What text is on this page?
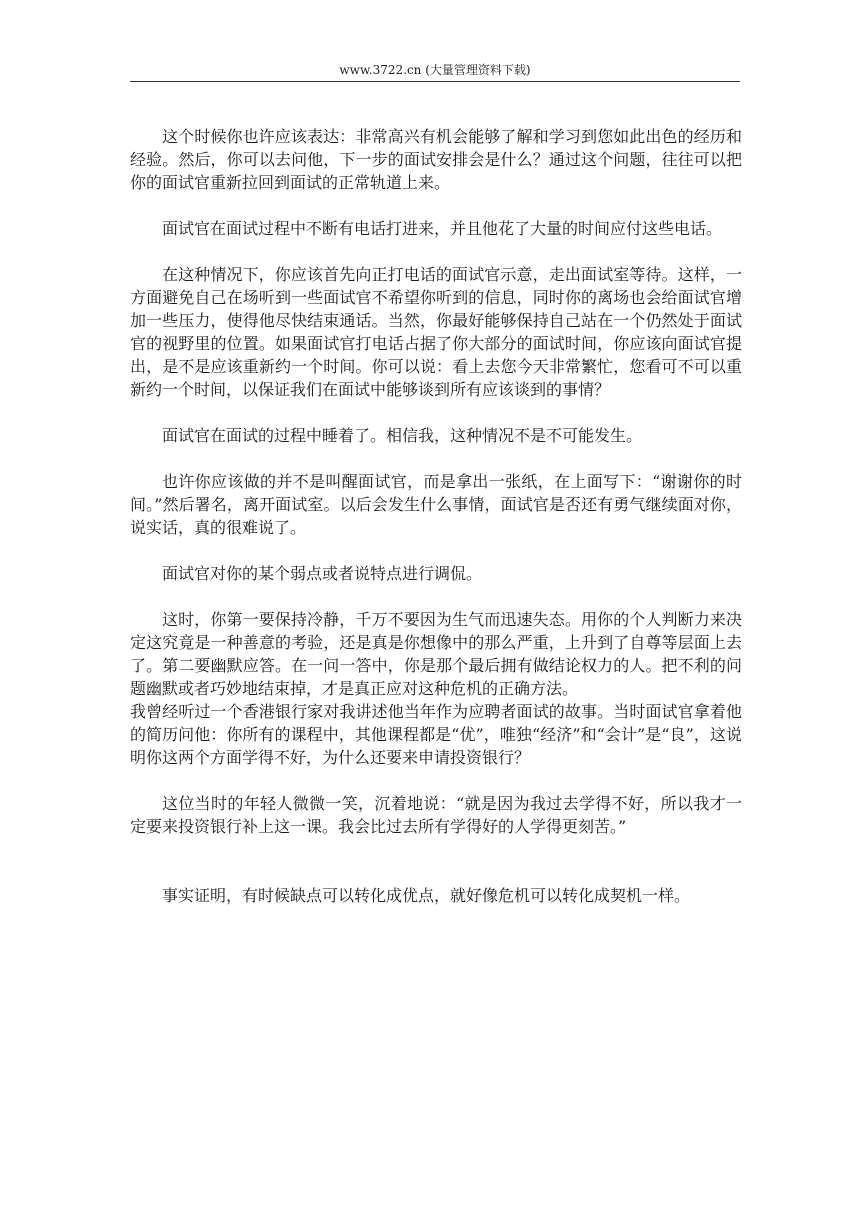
www.3722.cn (大量管理资料下载)

这个时候你也许应该表达：非常高兴有机会能够了解和学习到您如此出色的经历和经验。然后，你可以去问他，下一步的面试安排会是什么？通过这个问题，往往可以把你的面试官重新拉回到面试的正常轨道上来。

面试官在面试过程中不断有电话打进来，并且他花了大量的时间应付这些电话。

在这种情况下，你应该首先向正打电话的面试官示意，走出面试室等待。这样，一方面避免自己在场听到一些面试官不希望你听到的信息，同时你的离场也会给面试官增加一些压力，使得他尽快结束通话。当然，你最好能够保持自己站在一个仍然处于面试官的视野里的位置。如果面试官打电话占据了你大部分的面试时间，你应该向面试官提出，是不是应该重新约一个时间。你可以说：看上去您今天非常繁忙，您看可不可以重新约一个时间，以保证我们在面试中能够谈到所有应该谈到的事情？

面试官在面试的过程中睡着了。相信我，这种情况不是不可能发生。

也许你应该做的并不是叫醒面试官，而是拿出一张纸，在上面写下：“谢谢你的时间。”然后署名，离开面试室。以后会发生什么事情，面试官是否还有勇气继续面对你，说实话，真的很难说了。

面试官对你的某个弱点或者说特点进行调侃。

这时，你第一要保持冷静，千万不要因为生气而迅速失态。用你的个人判断力来决定这究竟是一种善意的考验，还是真是你想像中的那么严重，上升到了自尊等层面上去了。第二要幽默应答。在一问一答中，你是那个最后拥有做结论权力的人。把不利的问题幽默或者巧妙地结束掉，才是真正应对这种危机的正确方法。

我曾经听过一个香港银行家对我讲述他当年作为应聘者面试的故事。当时面试官拿着他的简历问他：你所有的课程中，其他课程都是“优”，唯独“经济”和“会计”是“良”，这说明你这两个方面学得不好，为什么还要来申请投资银行？

这位当时的年轻人微微一笑，沉着地说：“就是因为我过去学得不好，所以我才一定要来投资银行补上这一课。我会比过去所有学得好的人学得更刻苦。”

事实证明，有时候缺点可以转化成优点，就好像危机可以转化成契机一样。
